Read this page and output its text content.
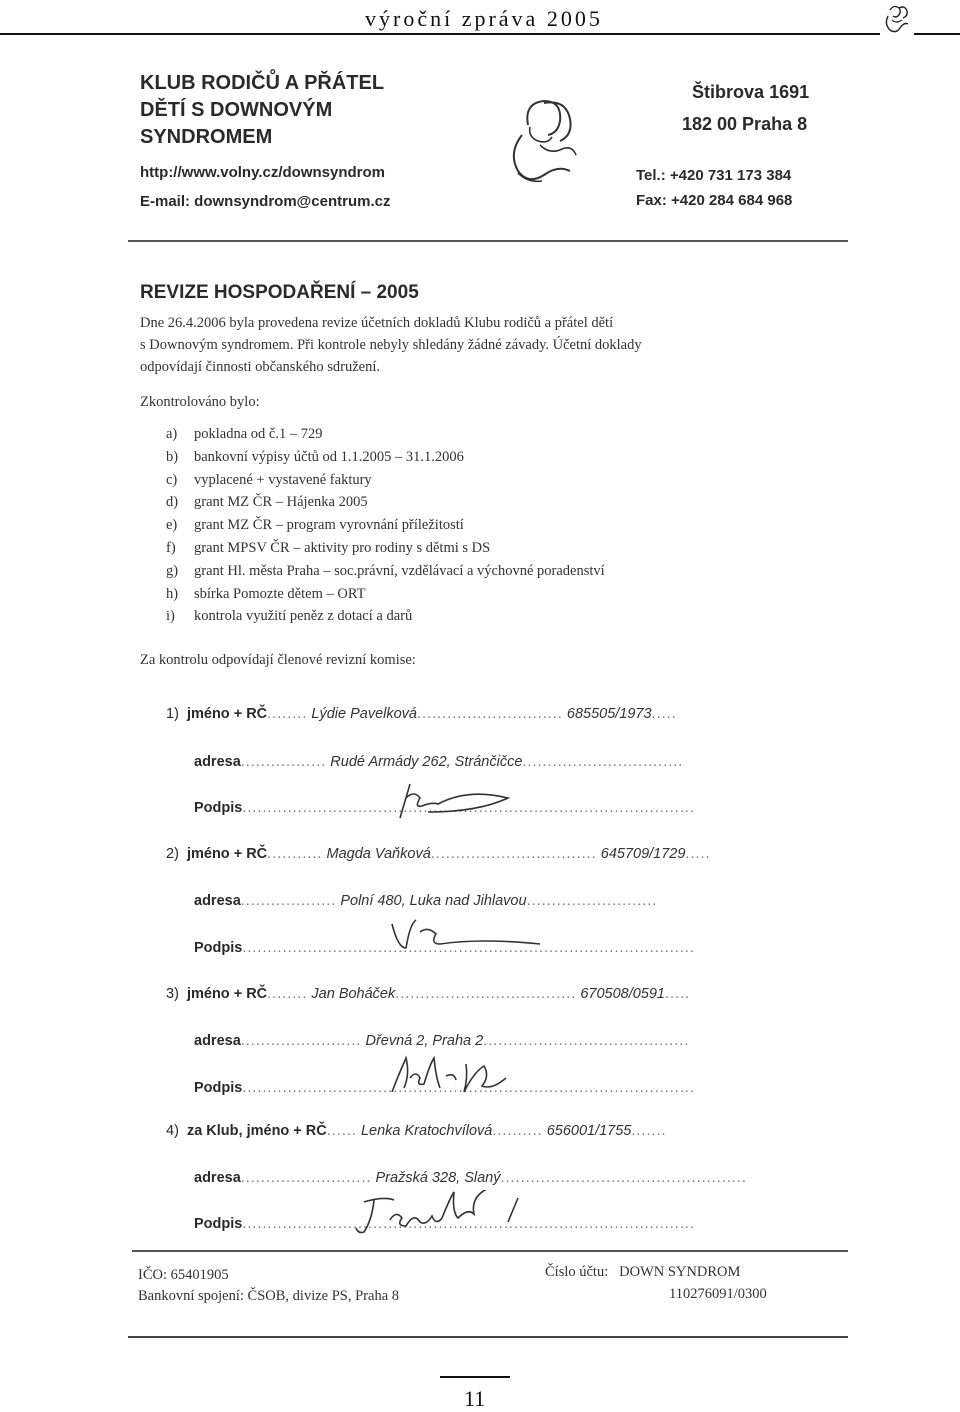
výroční zpráva 2005
KLUB RODIČŮ A PŘÁTEL
DĚTÍ S DOWNOVÝM
SYNDROMEM
http://www.volny.cz/downsyndrom
E-mail: downsyndrom@centrum.cz
Štibrova 1691
182 00 Praha 8
Tel.: +420 731 173 384
Fax: +420 284 684 968
REVIZE HOSPODAŘENÍ – 2005
Dne 26.4.2006 byla provedena revize účetních dokladů Klubu rodičů a přátel dětí
s Downovým syndromem. Při kontrole nebyly shledány žádné závady. Účetní doklady
odpovídají činnosti občanského sdružení.
Zkontrolováno bylo:
a) pokladna od č.1 – 729
b) bankovní výpisy účtů od 1.1.2005 – 31.1.2006
c) vyplacené + vystavené faktury
d) grant MZ ČR – Hájenka 2005
e) grant MZ ČR – program vyrovnání příležitostí
f) grant MPSV ČR – aktivity pro rodiny s dětmi s DS
g) grant Hl. města Praha – soc.právní, vzdělávací a výchovné poradenství
h) sbírka Pomozte dětem – ORT
i) kontrola využití peněz z dotací a darů
Za kontrolu odpovídají členové revizní komise:
1) jméno + RČ........ Lýdie Pavelková............................. 685505/1973.....
adresa................. Rudé Armády 262, Stránčičce................................
Podpis..........................................................................................
2) jméno + RČ........... Magda Vaňková................................. 645709/1729.....
adresa................... Polní 480, Luka nad Jihlavou..........................
Podpis..........................................................................................
3) jméno + RČ........ Jan Boháček.................................... 670508/0591.....
adresa........................ Dřevná 2, Praha 2.........................................
Podpis..........................................................................................
4) za Klub, jméno + RČ...... Lenka Kratochvílová.......... 656001/1755.......
adresa.......................... Pražská 328, Slaný.................................................
Podpis..........................................................................................
IČO: 65401905
Bankovní spojení: ČSOB, divize PS, Praha 8
Číslo účtu: DOWN SYNDROM
110276091/0300
11
